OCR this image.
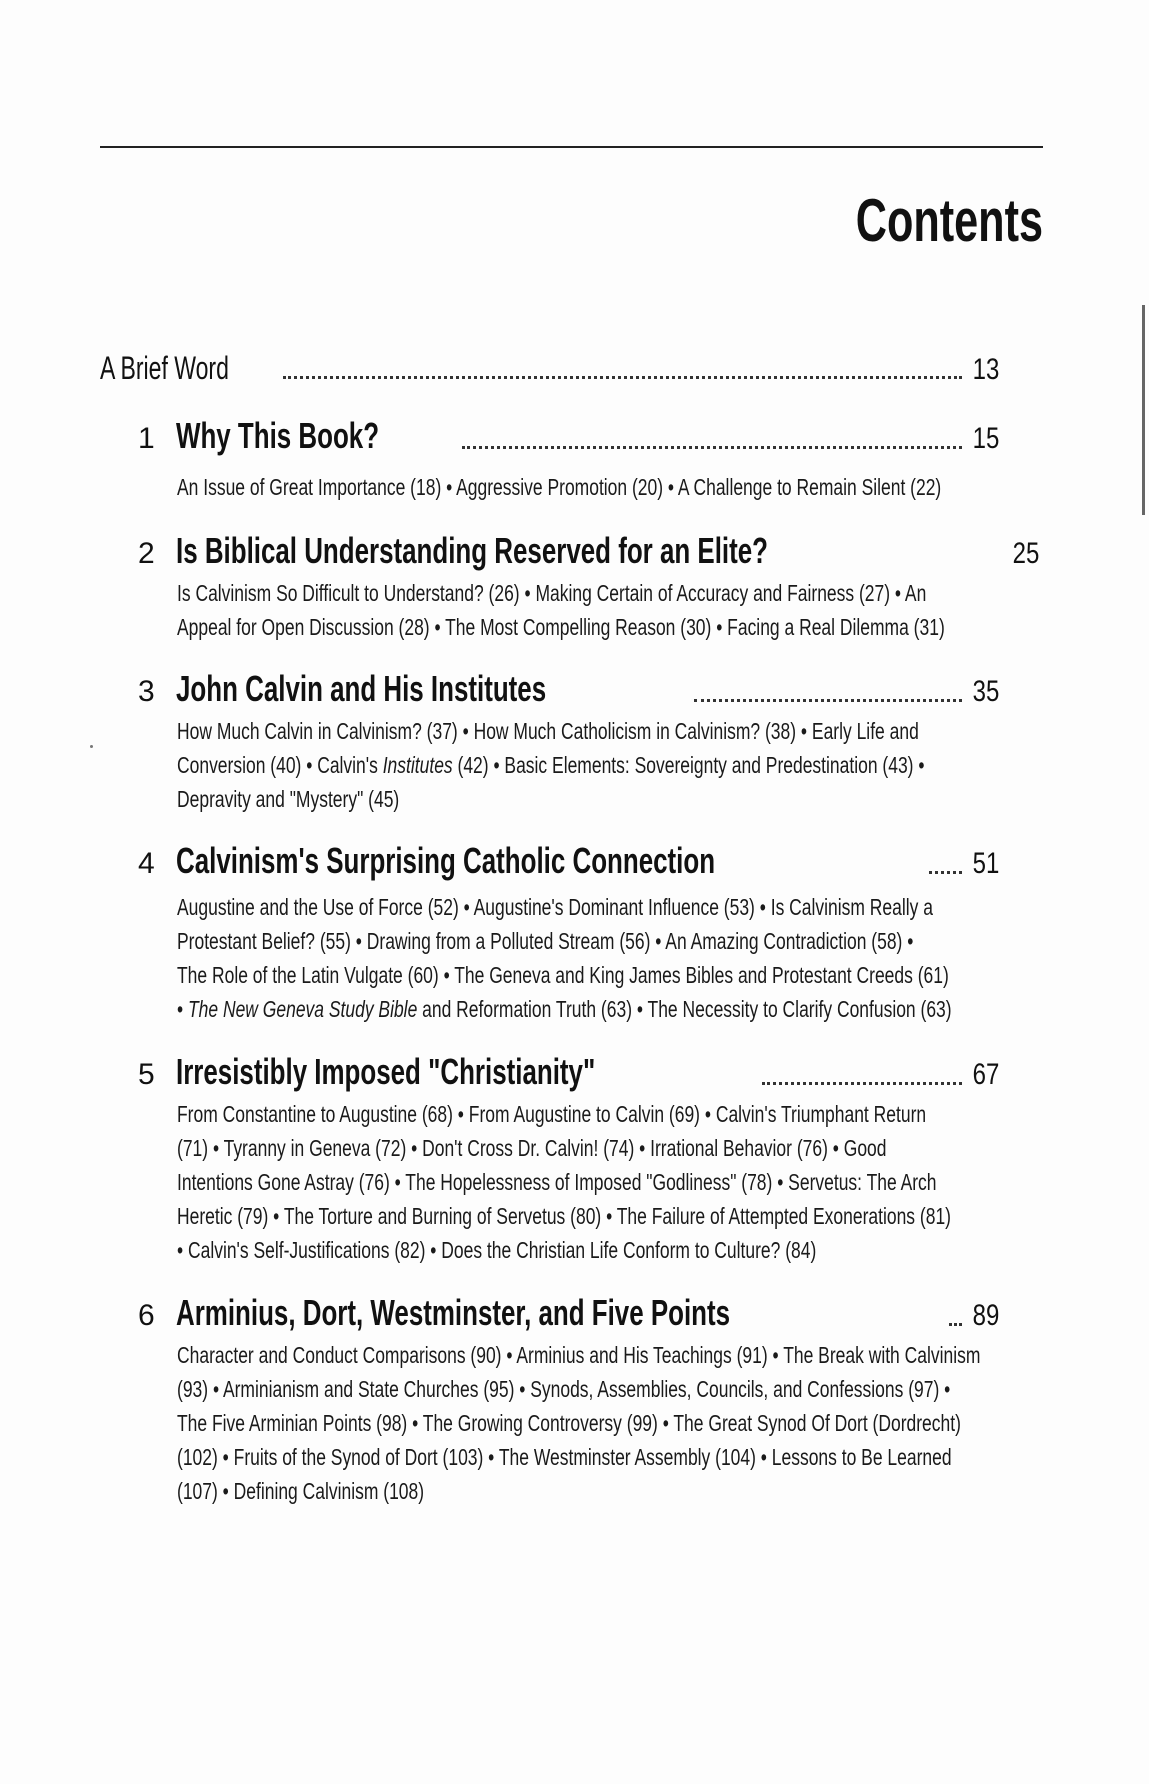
Contents
A Brief Word	13
1 Why This Book?	15
An Issue of Great Importance (18) • Aggressive Promotion (20) • A Challenge to Remain Silent (22)
2 Is Biblical Understanding Reserved for an Elite?	25
Is Calvinism So Difficult to Understand? (26) • Making Certain of Accuracy and Fairness (27) • An
Appeal for Open Discussion (28) • The Most Compelling Reason (30) • Facing a Real Dilemma (31)
3 John Calvin and His Institutes	35
How Much Calvin in Calvinism? (37) • How Much Catholicism in Calvinism? (38) • Early Life and
Conversion (40) • Calvin's Institutes (42) • Basic Elements: Sovereignty and Predestination (43) •
Depravity and "Mystery" (45)
4 Calvinism's Surprising Catholic Connection	51
Augustine and the Use of Force (52) • Augustine's Dominant Influence (53) • Is Calvinism Really a
Protestant Belief? (55) • Drawing from a Polluted Stream (56) • An Amazing Contradiction (58) •
The Role of the Latin Vulgate (60) • The Geneva and King James Bibles and Protestant Creeds (61)
• The New Geneva Study Bible and Reformation Truth (63) • The Necessity to Clarify Confusion (63)
5 Irresistibly Imposed "Christianity"	67
From Constantine to Augustine (68) • From Augustine to Calvin (69) • Calvin's Triumphant Return
(71) • Tyranny in Geneva (72) • Don't Cross Dr. Calvin! (74) • Irrational Behavior (76) • Good
Intentions Gone Astray (76) • The Hopelessness of Imposed "Godliness" (78) • Servetus: The Arch
Heretic (79) • The Torture and Burning of Servetus (80) • The Failure of Attempted Exonerations (81)
• Calvin's Self-Justifications (82) • Does the Christian Life Conform to Culture? (84)
6 Arminius, Dort, Westminster, and Five Points	89
Character and Conduct Comparisons (90) • Arminius and His Teachings (91) • The Break with Calvinism
(93) • Arminianism and State Churches (95) • Synods, Assemblies, Councils, and Confessions (97) •
The Five Arminian Points (98) • The Growing Controversy (99) • The Great Synod Of Dort (Dordrecht)
(102) • Fruits of the Synod of Dort (103) • The Westminster Assembly (104) • Lessons to Be Learned
(107) • Defining Calvinism (108)
